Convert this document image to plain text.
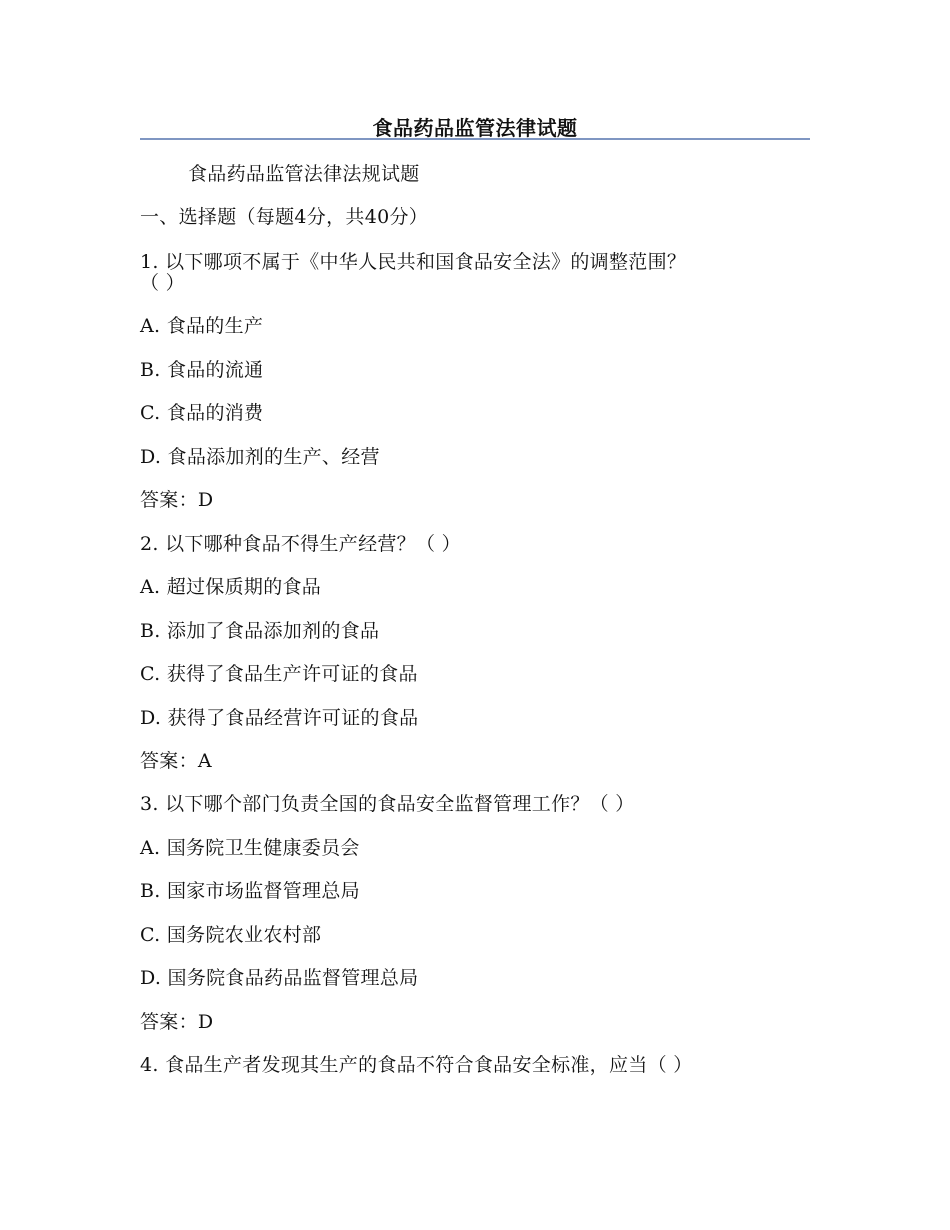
食品药品监管法律试题
食品药品监管法律法规试题
一、选择题（每题4分，共40分）
1. 以下哪项不属于《中华人民共和国食品安全法》的调整范围？
（ ）
A. 食品的生产
B. 食品的流通
C. 食品的消费
D. 食品添加剂的生产、经营
答案：D
2. 以下哪种食品不得生产经营？（ ）
A. 超过保质期的食品
B. 添加了食品添加剂的食品
C. 获得了食品生产许可证的食品
D. 获得了食品经营许可证的食品
答案：A
3. 以下哪个部门负责全国的食品安全监督管理工作？（ ）
A. 国务院卫生健康委员会
B. 国家市场监督管理总局
C. 国务院农业农村部
D. 国务院食品药品监督管理总局
答案：D
4. 食品生产者发现其生产的食品不符合食品安全标准，应当（ ）
